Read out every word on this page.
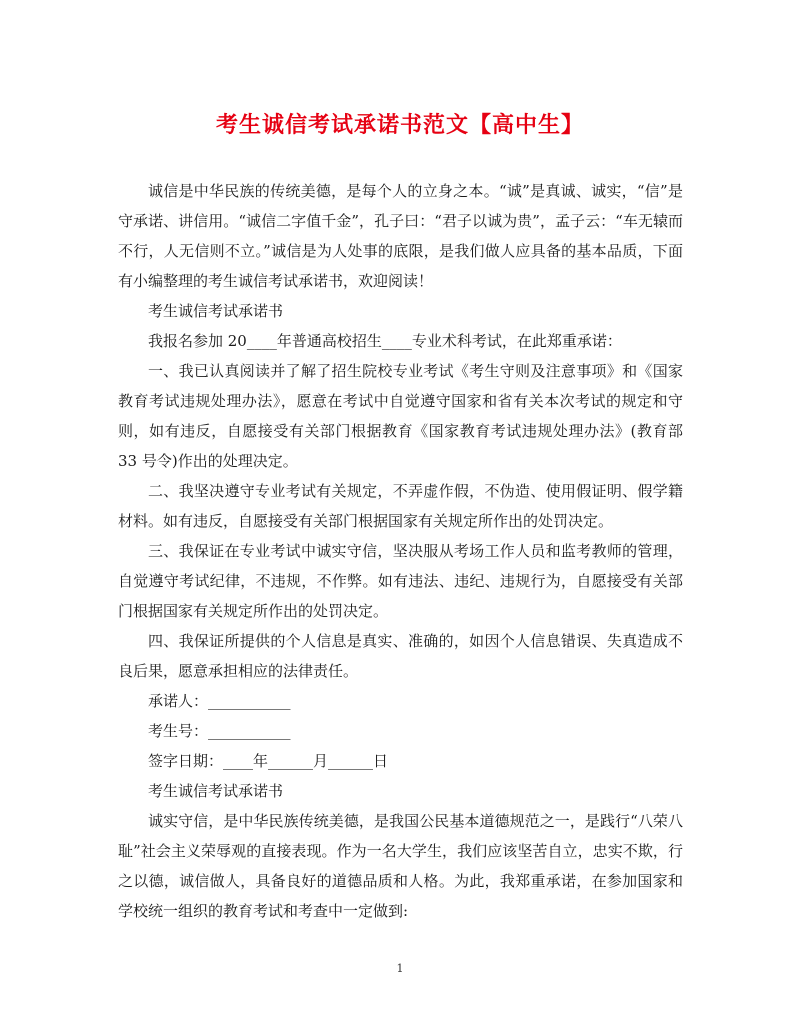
考生诚信考试承诺书范文【高中生】

诚信是中华民族的传统美德，是每个人的立身之本。“诚”是真诚、诚实，“信”是守承诺、讲信用。“诚信二字值千金”，孔子曰：“君子以诚为贵”，孟子云：“车无辕而不行，人无信则不立。”诚信是为人处事的底限，是我们做人应具备的基本品质，下面有小编整理的考生诚信考试承诺书，欢迎阅读！

考生诚信考试承诺书

我报名参加 20____年普通高校招生____专业术科考试，在此郑重承诺：

一、我已认真阅读并了解了招生院校专业考试《考生守则及注意事项》和《国家教育考试违规处理办法》，愿意在考试中自觉遵守国家和省有关本次考试的规定和守则，如有违反，自愿接受有关部门根据教育《国家教育考试违规处理办法》(教育部 33 号令)作出的处理决定。

二、我坚决遵守专业考试有关规定，不弄虚作假，不伪造、使用假证明、假学籍材料。如有违反，自愿接受有关部门根据国家有关规定所作出的处罚决定。

三、我保证在专业考试中诚实守信，坚决服从考场工作人员和监考教师的管理，自觉遵守考试纪律，不违规，不作弊。如有违法、违纪、违规行为，自愿接受有关部门根据国家有关规定所作出的处罚决定。

四、我保证所提供的个人信息是真实、准确的，如因个人信息错误、失真造成不良后果，愿意承担相应的法律责任。

承诺人：___________

考生号：___________

签字日期：____年______月______日

考生诚信考试承诺书

诚实守信，是中华民族传统美德，是我国公民基本道德规范之一，是践行“八荣八耻”社会主义荣辱观的直接表现。作为一名大学生，我们应该坚苦自立，忠实不欺，行之以德，诚信做人，具备良好的道德品质和人格。为此，我郑重承诺，在参加国家和学校统一组织的教育考试和考查中一定做到:

1
